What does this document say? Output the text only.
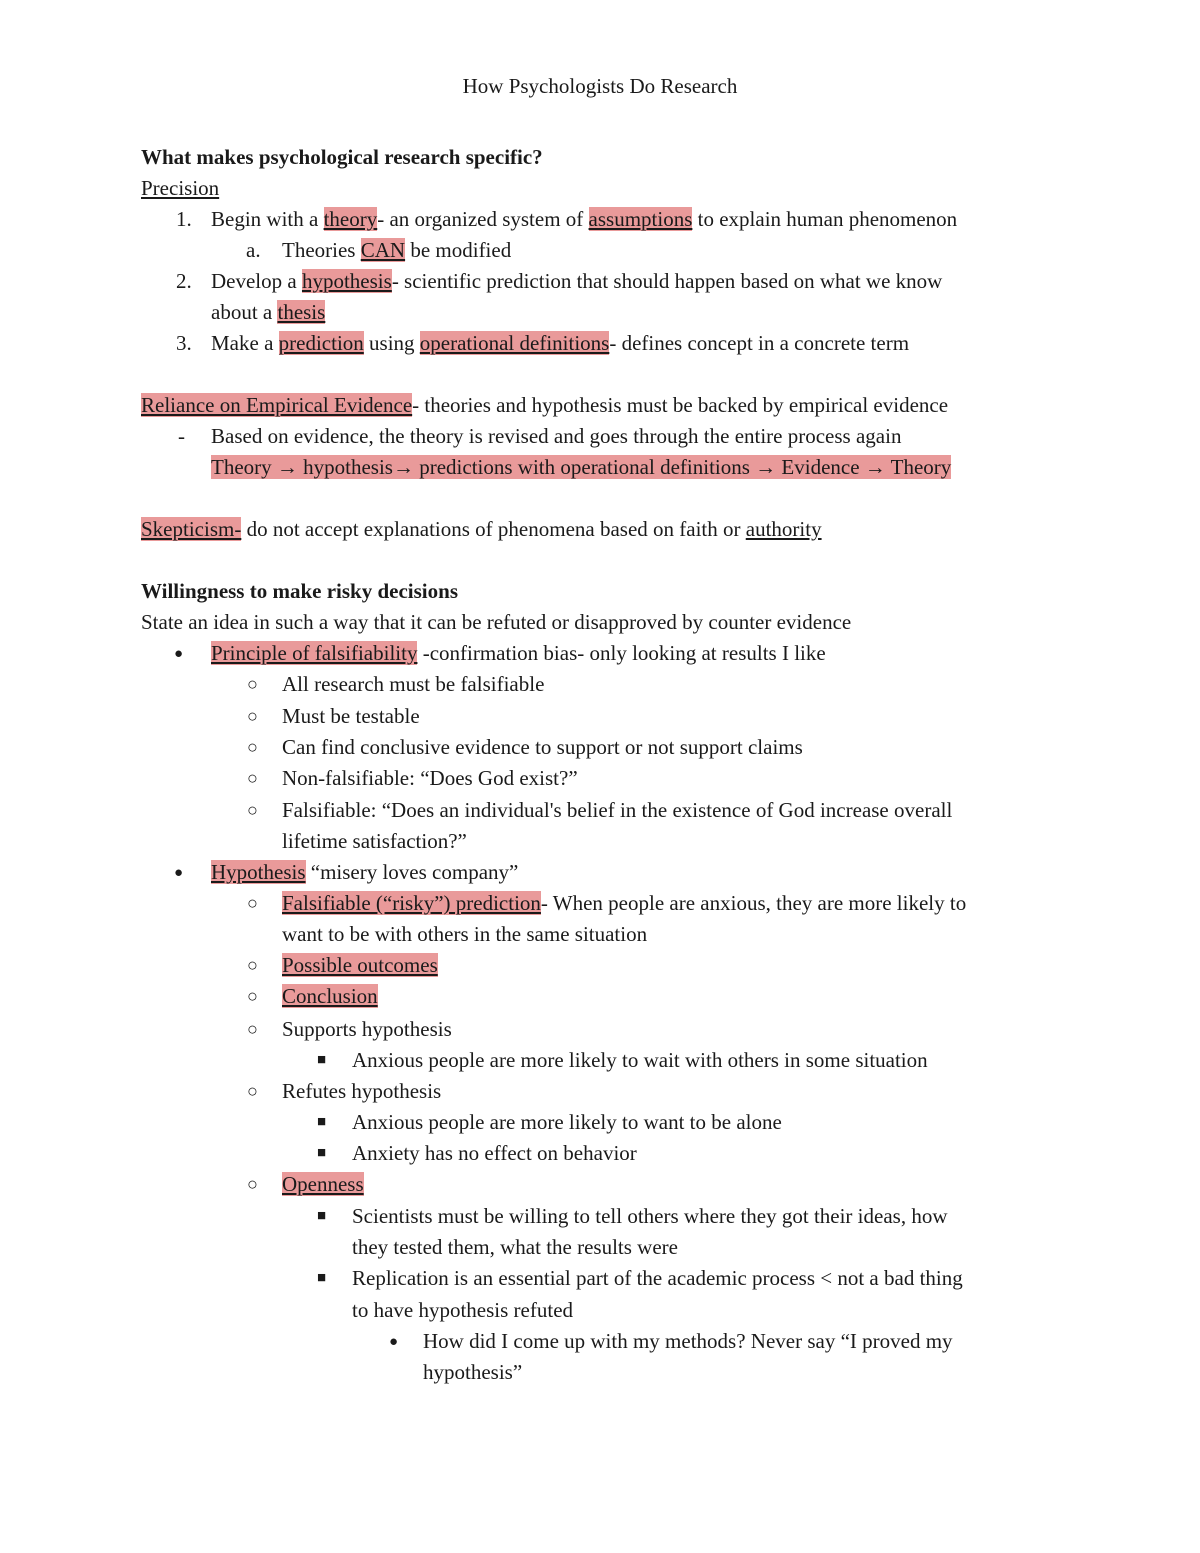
How Psychologists Do Research
What makes psychological research specific?
Precision
1. Begin with a theory- an organized system of assumptions to explain human phenomenon
a. Theories CAN be modified
2. Develop a hypothesis- scientific prediction that should happen based on what we know
about a thesis
3. Make a prediction using operational definitions- defines concept in a concrete term
Reliance on Empirical Evidence- theories and hypothesis must be backed by empirical evidence
- Based on evidence, the theory is revised and goes through the entire process again
Theory → hypothesis→ predictions with operational definitions → Evidence → Theory
Skepticism- do not accept explanations of phenomena based on faith or authority
Willingness to make risky decisions
State an idea in such a way that it can be refuted or disapproved by counter evidence
● Principle of falsifiability -confirmation bias- only looking at results I like
○ All research must be falsifiable
○ Must be testable
○ Can find conclusive evidence to support or not support claims
○ Non-falsifiable: “Does God exist?”
○ Falsifiable: “Does an individual's belief in the existence of God increase overall
lifetime satisfaction?”
● Hypothesis “misery loves company”
○ Falsifiable (“risky”) prediction- When people are anxious, they are more likely to
want to be with others in the same situation
○ Possible outcomes
○ Conclusion
○ Supports hypothesis
■ Anxious people are more likely to wait with others in some situation
○ Refutes hypothesis
■ Anxious people are more likely to want to be alone
■ Anxiety has no effect on behavior
○ Openness
■ Scientists must be willing to tell others where they got their ideas, how
they tested them, what the results were
■ Replication is an essential part of the academic process < not a bad thing
to have hypothesis refuted
● How did I come up with my methods? Never say “I proved my
hypothesis”
